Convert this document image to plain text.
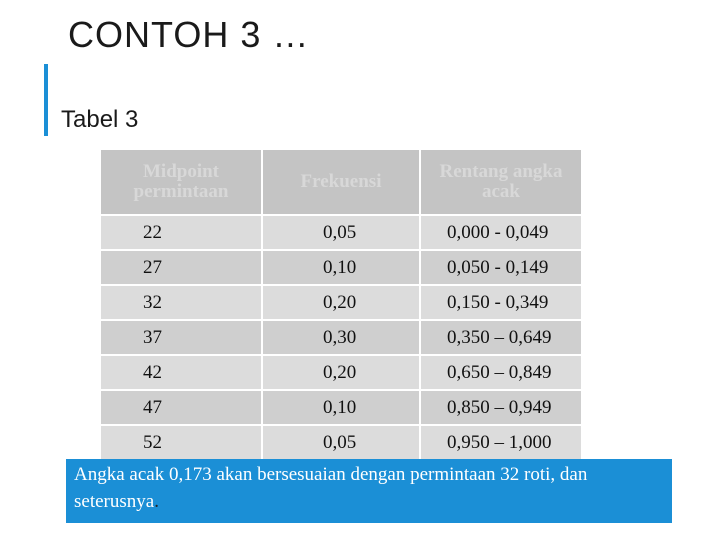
CONTOH 3 …
Tabel 3
Midpoint permintaan	Frekuensi	Rentang angka acak
22	0,05	0,000 - 0,049
27	0,10	0,050 - 0,149
32	0,20	0,150 - 0,349
37	0,30	0,350 – 0,649
42	0,20	0,650 – 0,849
47	0,10	0,850 – 0,949
52	0,05	0,950 – 1,000
Angka acak 0,173 akan bersesuaian dengan permintaan 32 roti, dan seterusnya.
